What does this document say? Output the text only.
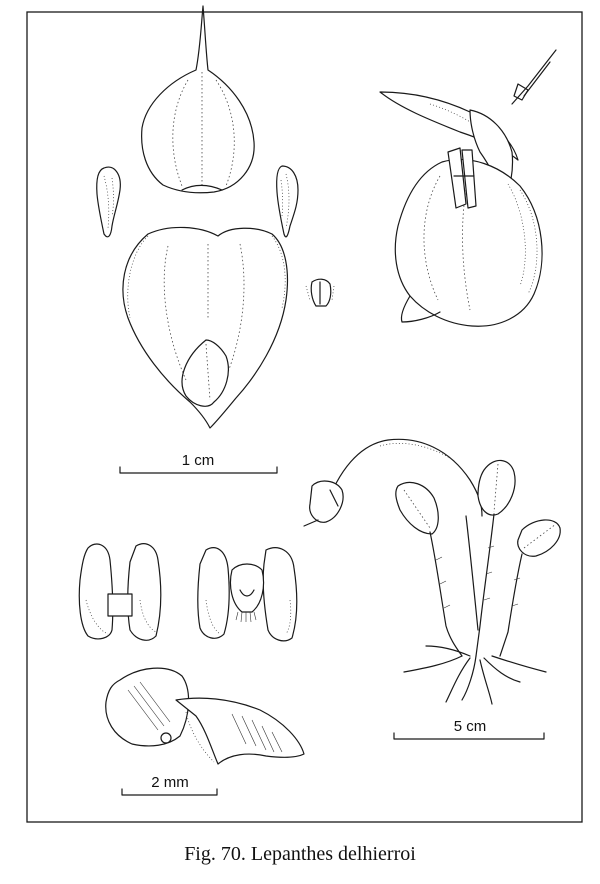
1 cm
5 cm
2 mm
Fig. 70. Lepanthes delhierroi
